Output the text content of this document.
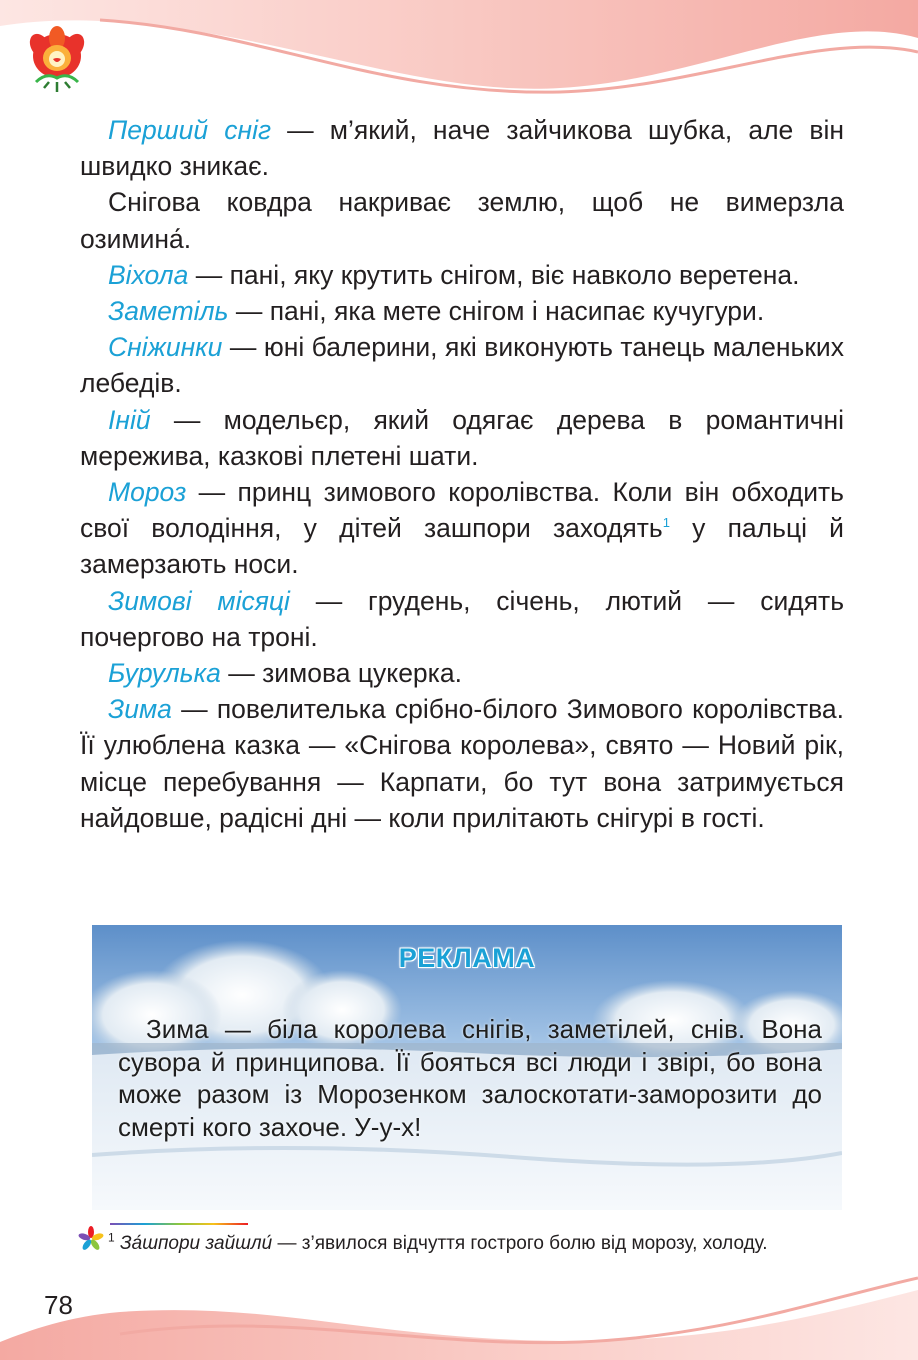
Перший сніг — м’який, наче зайчикова шубка, але він швидко зникає.

Снігова ковдра накриває землю, щоб не вимерзла озимина́.

Віхола — пані, яку крутить снігом, віє навколо веретена.

Заметіль — пані, яка мете снігом і насипає кучугури.

Сніжинки — юні балерини, які виконують танець маленьких лебедів.

Іній — модельєр, який одягає дерева в романтичні мережива, казкові плетені шати.

Мороз — принц зимового королівства. Коли він обходить свої володіння, у дітей зашпори заходять$^1$ у пальці й замерзають носи.

Зимові місяці — грудень, січень, лютий — сидять почергово на троні.

Бурулька — зимова цукерка.

Зима — повелителька срібно-білого Зимового королівства. Її улюблена казка — «Снігова королева», свято — Новий рік, місце перебування — Карпати, бо тут вона затримується найдовше, радісні дні — коли прилітають снігурі в гості.

РЕКЛАМА

Зима — біла королева снігів, заметілей, снів. Вона сувора й принципова. Її бояться всі люди і звірі, бо вона може разом із Морозенком залоскотати-заморозити до смерті кого захоче. У-у-х!

$^1$ За́шпори зайшли́ — з’явилося відчуття гострого болю від морозу, холоду.

78
